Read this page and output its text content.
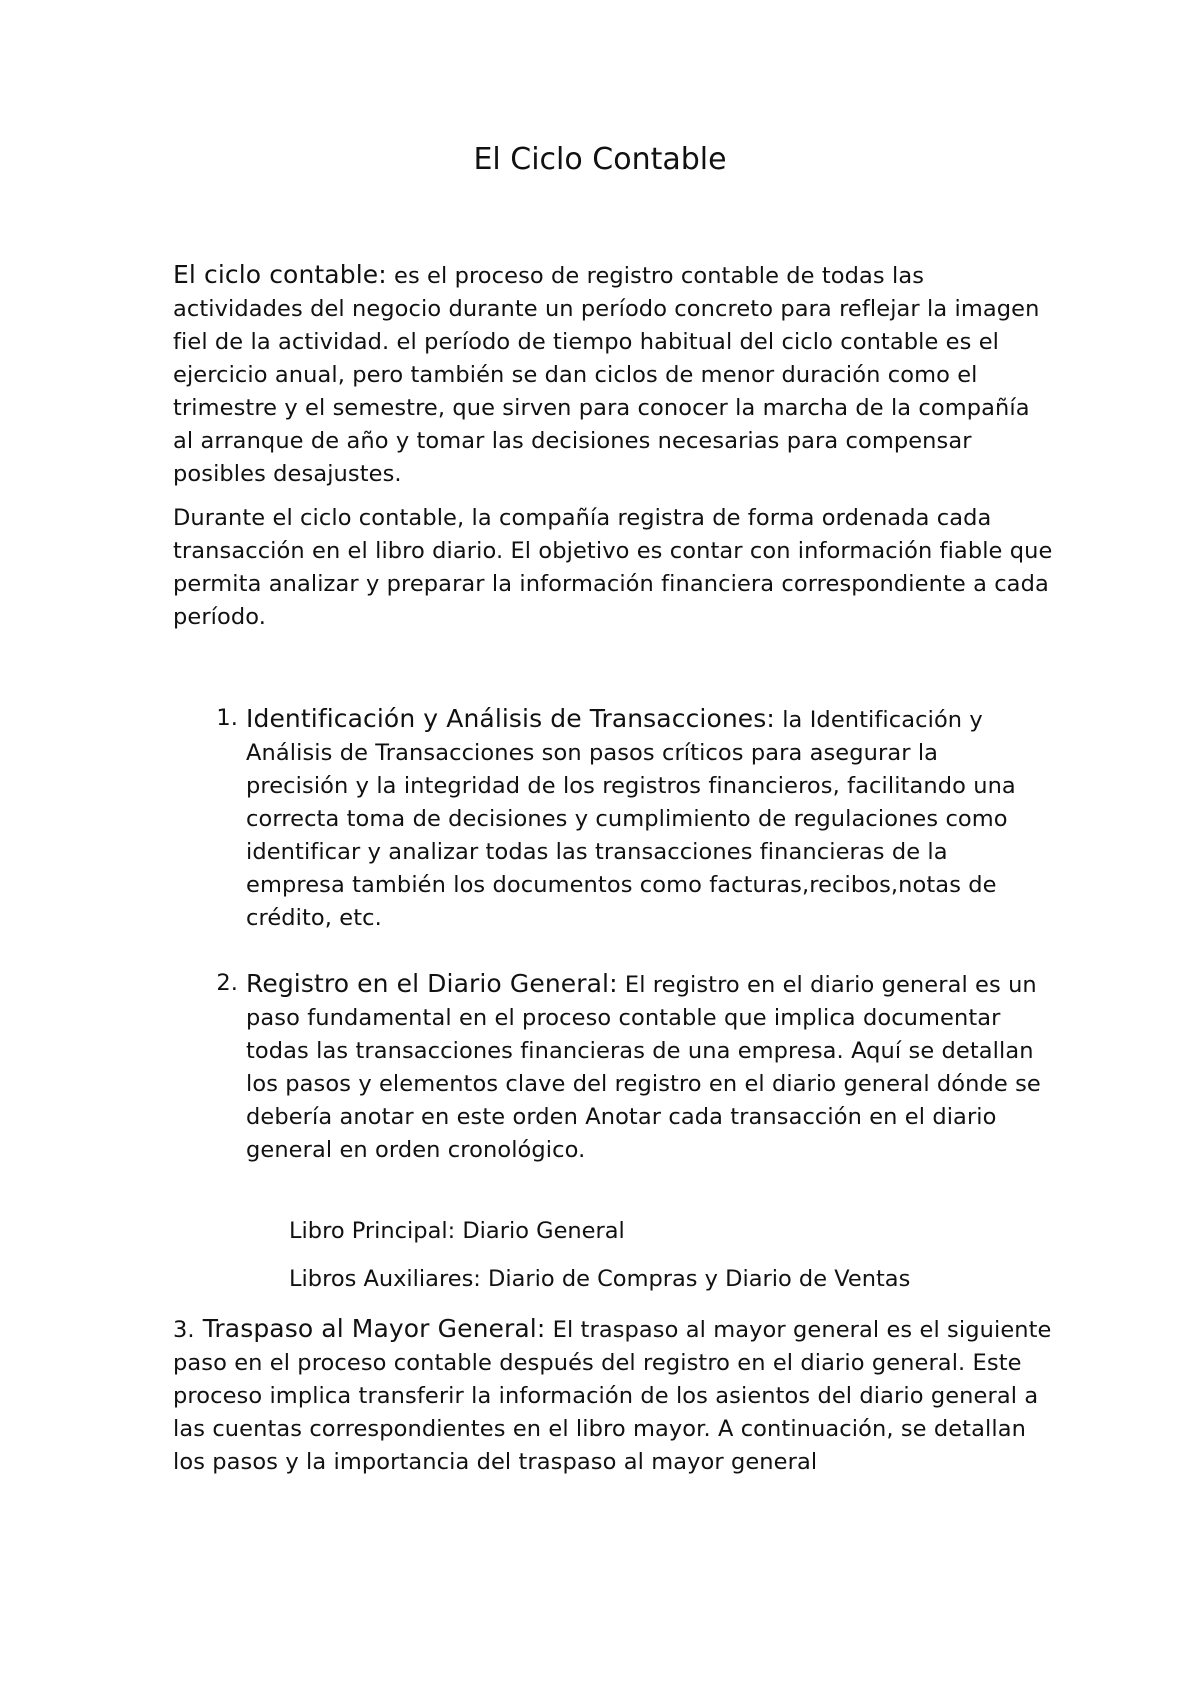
El Ciclo Contable

El ciclo contable: es el proceso de registro contable de todas las actividades del negocio durante un período concreto para reflejar la imagen fiel de la actividad. el período de tiempo habitual del ciclo contable es el ejercicio anual, pero también se dan ciclos de menor duración como el trimestre y el semestre, que sirven para conocer la marcha de la compañía al arranque de año y tomar las decisiones necesarias para compensar posibles desajustes.

Durante el ciclo contable, la compañía registra de forma ordenada cada transacción en el libro diario. El objetivo es contar con información fiable que permita analizar y preparar la información financiera correspondiente a cada período.

1. Identificación y Análisis de Transacciones: la Identificación y Análisis de Transacciones son pasos críticos para asegurar la precisión y la integridad de los registros financieros, facilitando una correcta toma de decisiones y cumplimiento de regulaciones como identificar y analizar todas las transacciones financieras de la empresa también los documentos como facturas,recibos,notas de crédito, etc.

2. Registro en el Diario General: El registro en el diario general es un paso fundamental en el proceso contable que implica documentar todas las transacciones financieras de una empresa. Aquí se detallan los pasos y elementos clave del registro en el diario general dónde se debería anotar en este orden Anotar cada transacción en el diario general en orden cronológico.

Libro Principal: Diario General
Libros Auxiliares: Diario de Compras y Diario de Ventas

3. Traspaso al Mayor General: El traspaso al mayor general es el siguiente paso en el proceso contable después del registro en el diario general. Este proceso implica transferir la información de los asientos del diario general a las cuentas correspondientes en el libro mayor. A continuación, se detallan los pasos y la importancia del traspaso al mayor general
